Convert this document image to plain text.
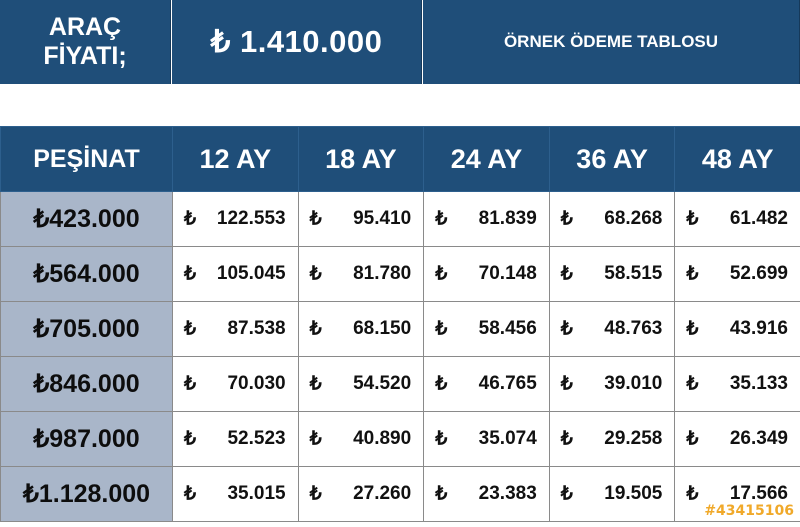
ARAÇ
FİYATI;	₺ 1.410.000	ÖRNEK ÖDEME TABLOSU
PEŞİNAT	12 AY	18 AY	24 AY	36 AY	48 AY
₺423.000	₺ 122.553	₺ 95.410	₺ 81.839	₺ 68.268	₺ 61.482
₺564.000	₺ 105.045	₺ 81.780	₺ 70.148	₺ 58.515	₺ 52.699
₺705.000	₺ 87.538	₺ 68.150	₺ 58.456	₺ 48.763	₺ 43.916
₺846.000	₺ 70.030	₺ 54.520	₺ 46.765	₺ 39.010	₺ 35.133
₺987.000	₺ 52.523	₺ 40.890	₺ 35.074	₺ 29.258	₺ 26.349
₺1.128.000	₺ 35.015	₺ 27.260	₺ 23.383	₺ 19.505	₺ 17.566
#43415106
